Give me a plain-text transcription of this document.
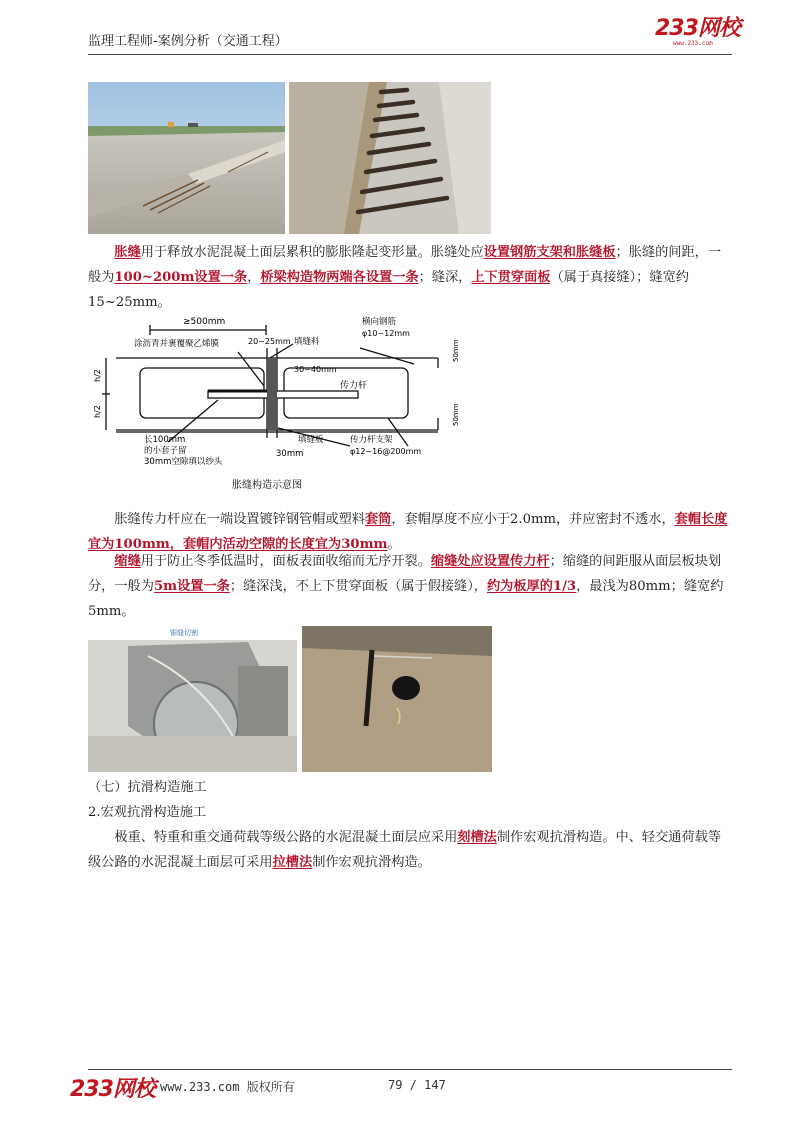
监理工程师-案例分析（交通工程）
233网校
www.233.com
胀缝用于释放水泥混凝土面层累积的膨胀隆起变形量。胀缝处应设置钢筋支架和胀缝板；胀缝的间距，一般为100~200m设置一条，桥梁构造物两端各设置一条；缝深，上下贯穿面板（属于真接缝）；缝宽约15~25mm。
≥500mm
涂沥青并裹覆聚乙烯膜	20~25mm 填缝料
横向钢筋
φ10~12mm
30~40mm
传力杆
50mm
50mm
h/2
h/2
长100mm
的小套子留
30mm空隙填以纱头
填缝板
30mm
传力杆支架
φ12~16@200mm
胀缝构造示意图
胀缝传力杆应在一端设置镀锌钢管帽或塑料套筒，套帽厚度不应小于2.0mm，并应密封不透水，套帽长度宜为100mm，套帽内活动空隙的长度宜为30mm。
缩缝用于防止冬季低温时，面板表面收缩而无序开裂。缩缝处应设置传力杆；缩缝的间距服从面层板块划分，一般为5m设置一条；缝深浅，不上下贯穿面板（属于假接缝），约为板厚的1/3，最浅为80mm；缝宽约5mm。
锯缝切割
（七）抗滑构造施工
2.宏观抗滑构造施工
极重、特重和重交通荷载等级公路的水泥混凝土面层应采用刻槽法制作宏观抗滑构造。中、轻交通荷载等级公路的水泥混凝土面层可采用拉槽法制作宏观抗滑构造。
233网校 www.233.com 版权所有	79 / 147
